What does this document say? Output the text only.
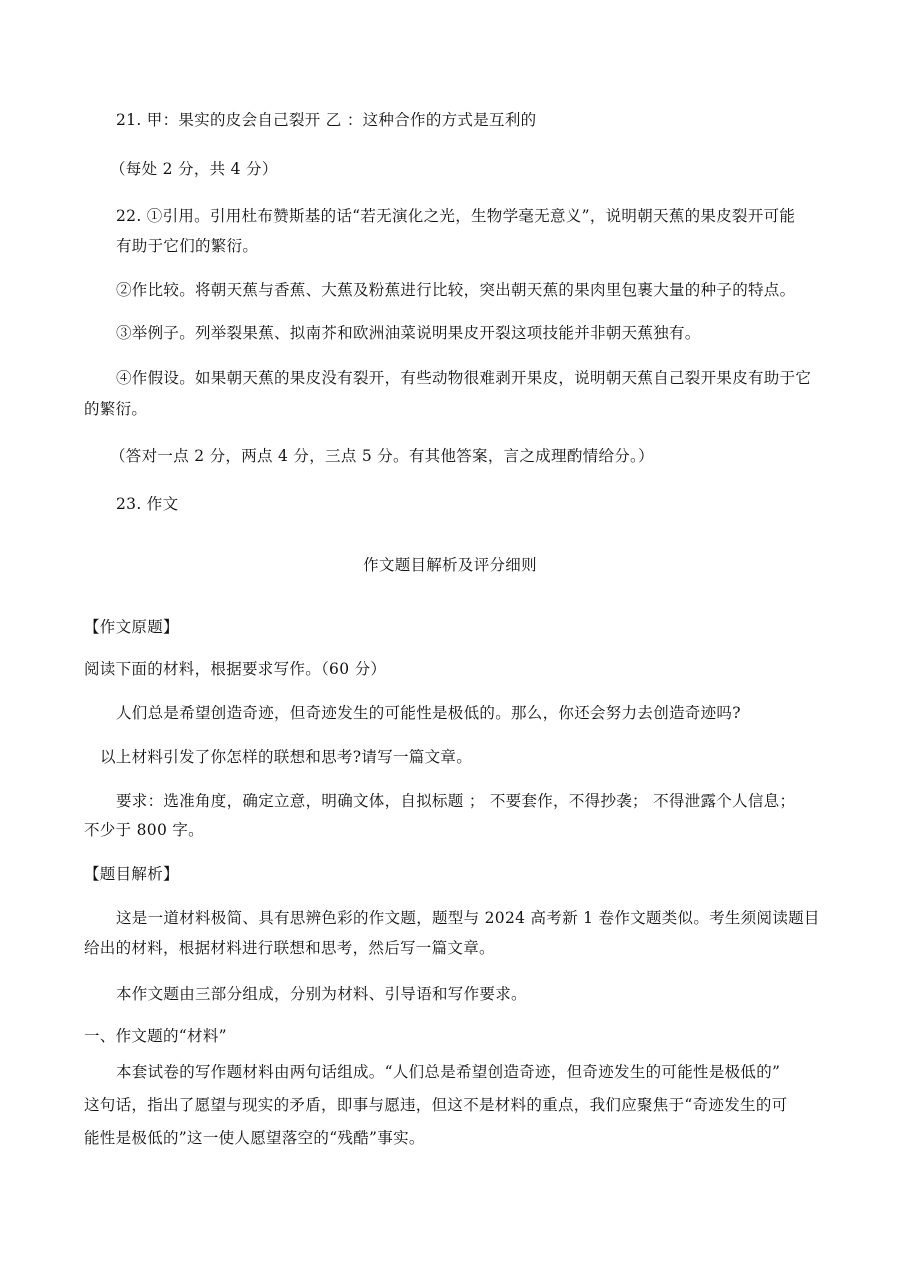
21. 甲：果实的皮会自己裂开 乙 ：这种合作的方式是互利的
（每处 2 分，共 4 分）
22. ①引用。引用杜布赞斯基的话“若无演化之光，生物学毫无意义”，说明朝天蕉的果皮裂开可能
有助于它们的繁衍。
②作比较。将朝天蕉与香蕉、大蕉及粉蕉进行比较，突出朝天蕉的果肉里包裹大量的种子的特点。
③举例子。列举裂果蕉、拟南芥和欧洲油菜说明果皮开裂这项技能并非朝天蕉独有。
④作假设。如果朝天蕉的果皮没有裂开，有些动物很难剥开果皮，说明朝天蕉自己裂开果皮有助于它
的繁衍。
（答对一点 2 分，两点 4 分，三点 5 分。有其他答案，言之成理酌情给分。）
23. 作文
作文题目解析及评分细则
【作文原题】
阅读下面的材料，根据要求写作。（60 分）
人们总是希望创造奇迹，但奇迹发生的可能性是极低的。那么，你还会努力去创造奇迹吗?
以上材料引发了你怎样的联想和思考?请写一篇文章。
要求：选准角度，确定立意，明确文体，自拟标题 ； 不要套作，不得抄袭； 不得泄露个人信息；
不少于 800 字。
【题目解析】
这是一道材料极简、具有思辨色彩的作文题，题型与 2024 高考新 1 卷作文题类似。考生须阅读题目
给出的材料，根据材料进行联想和思考，然后写一篇文章。
本作文题由三部分组成，分别为材料、引导语和写作要求。
一、作文题的“材料”
本套试卷的写作题材料由两句话组成。“人们总是希望创造奇迹，但奇迹发生的可能性是极低的”
这句话，指出了愿望与现实的矛盾，即事与愿违，但这不是材料的重点，我们应聚焦于“奇迹发生的可
能性是极低的”这一使人愿望落空的“残酷”事实。
